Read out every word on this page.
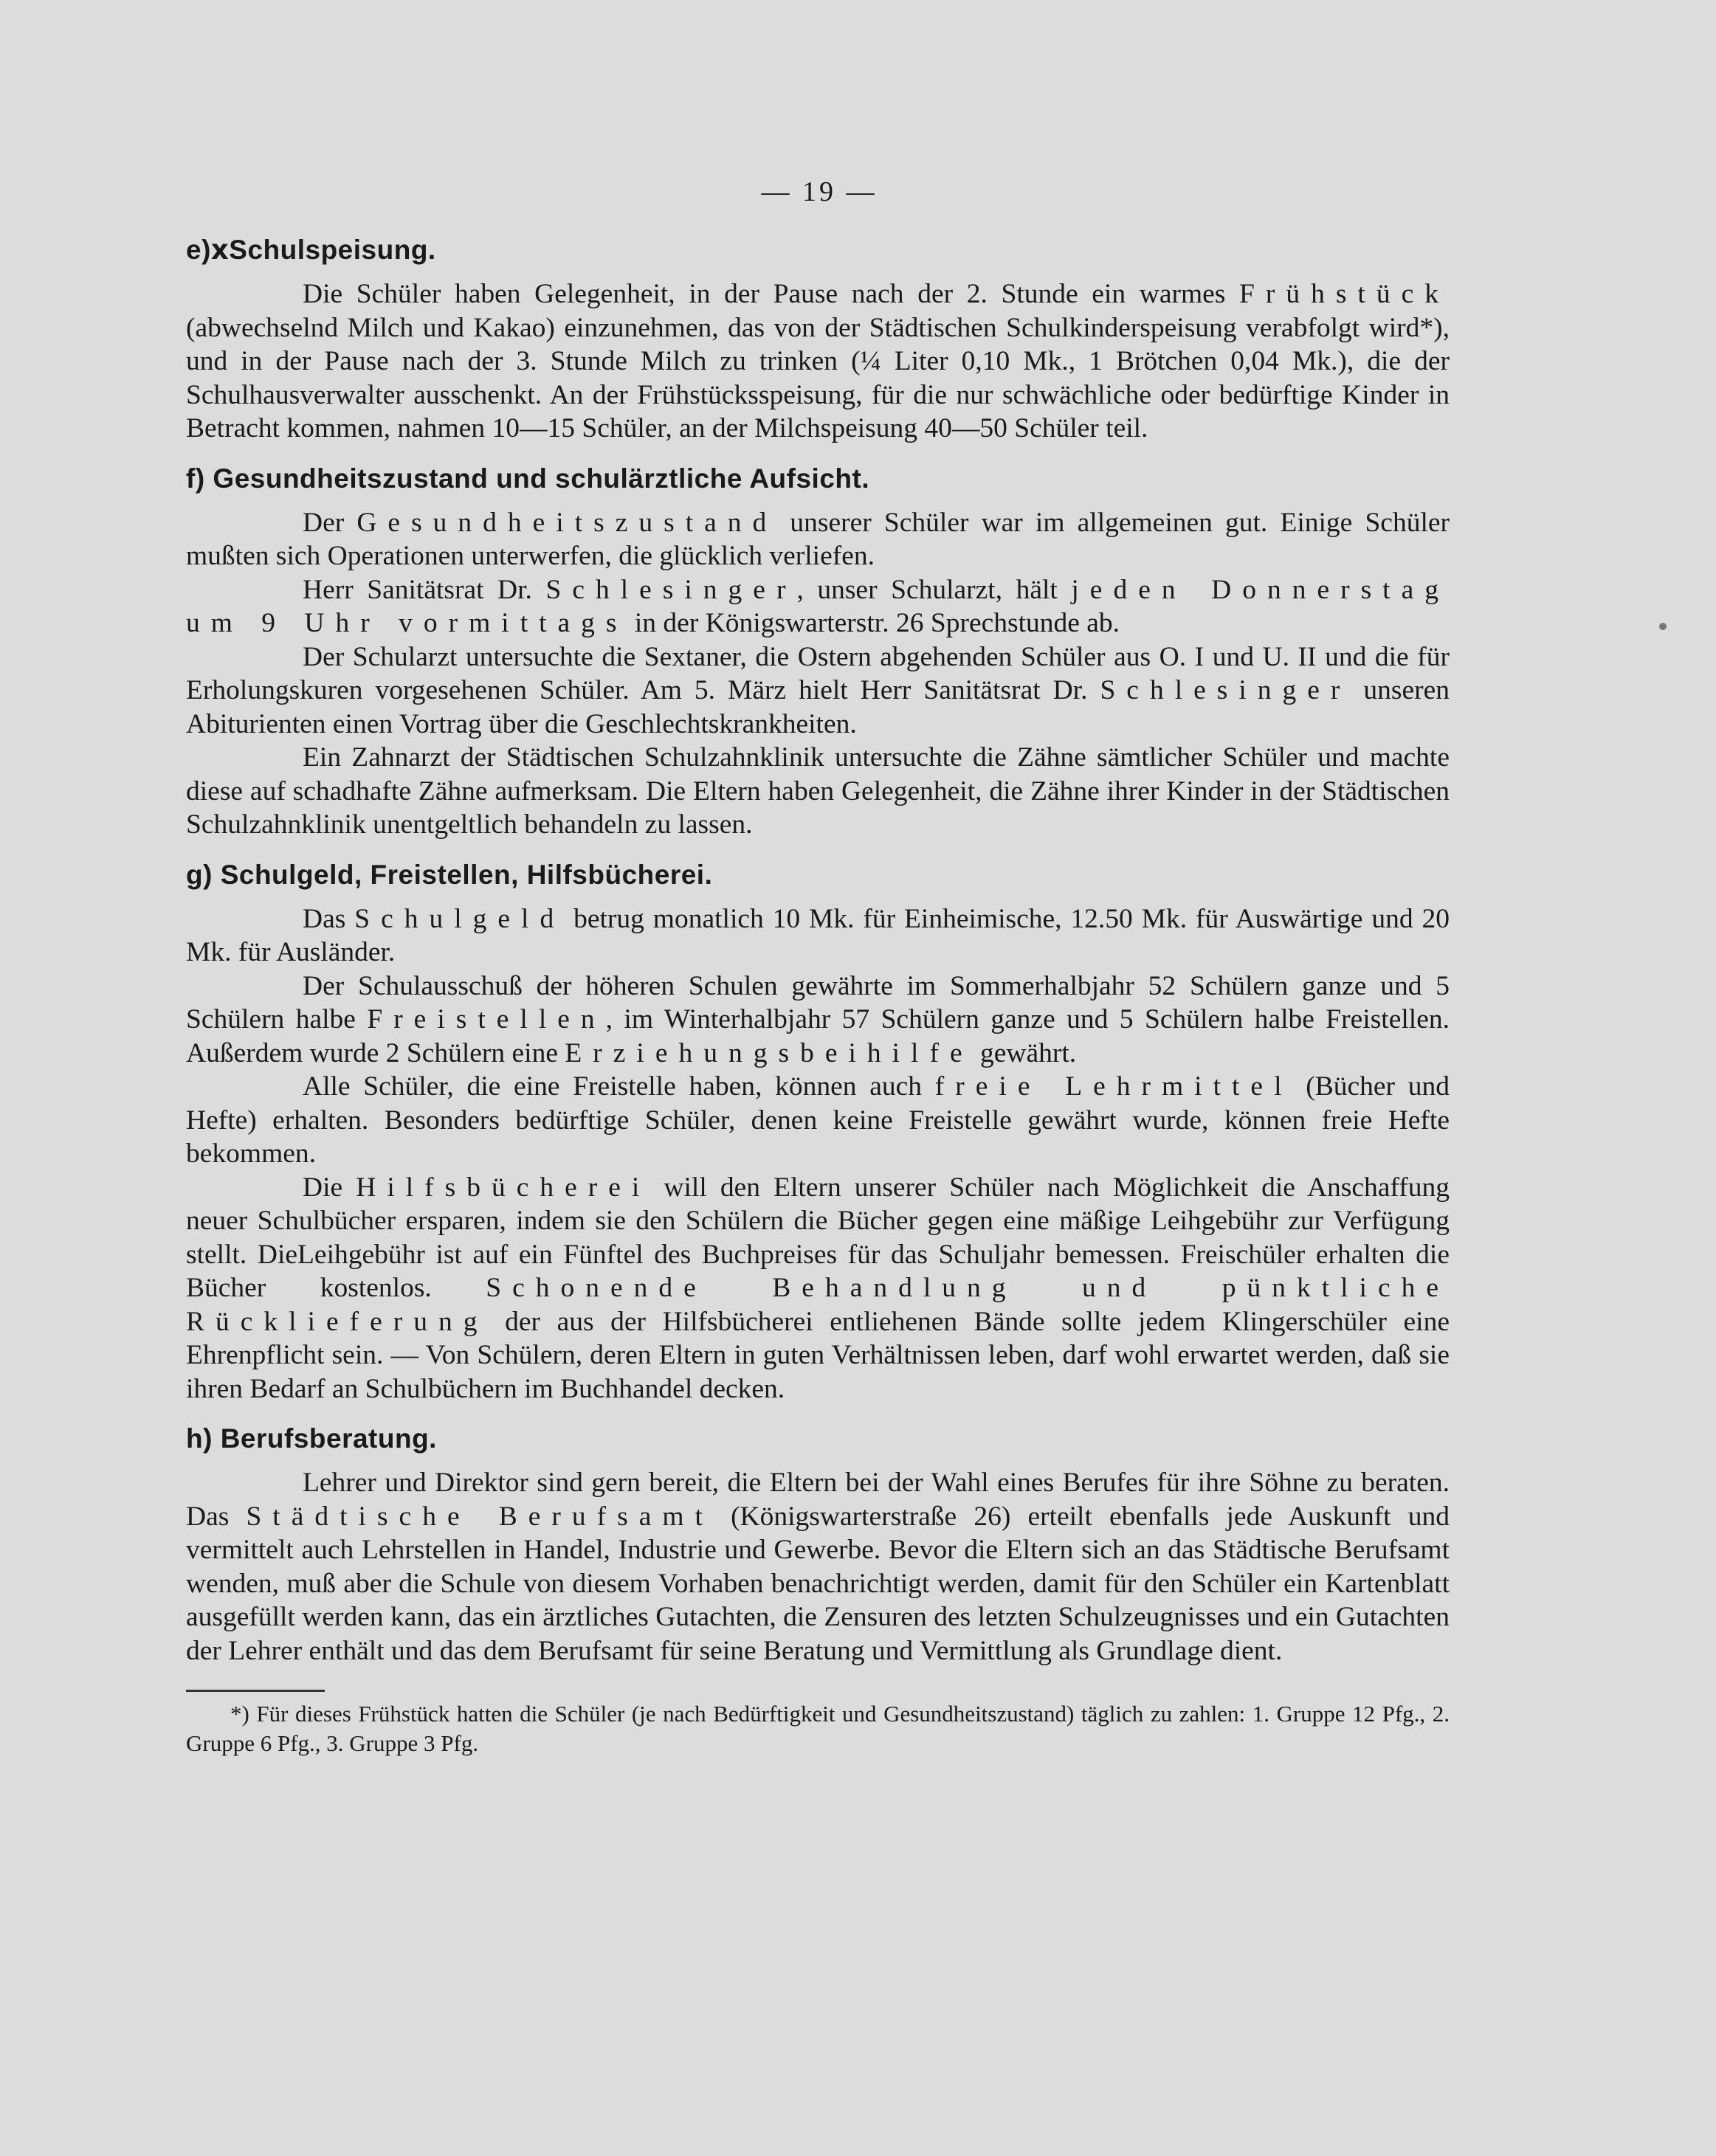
— 19 —
e)ⅹSchulspeisung.

Die Schüler haben Gelegenheit, in der Pause nach der 2. Stunde ein warmes Frühstück (abwechselnd Milch und Kakao) einzunehmen, das von der Städtischen Schulkinderspeisung verabfolgt wird*), und in der Pause nach der 3. Stunde Milch zu trinken (¼ Liter 0,10 Mk., 1 Brötchen 0,04 Mk.), die der Schulhausverwalter ausschenkt. An der Frühstücksspeisung, für die nur schwächliche oder bedürftige Kinder in Betracht kommen, nahmen 10—15 Schüler, an der Milchspeisung 40—50 Schüler teil.

f) Gesundheitszustand und schulärztliche Aufsicht.

Der Gesundheitszustand unserer Schüler war im allgemeinen gut. Einige Schüler mußten sich Operationen unterwerfen, die glücklich verliefen.

Herr Sanitätsrat Dr. Schlesinger, unser Schularzt, hält jeden Donnerstag um 9 Uhr vormittags in der Königswarterstr. 26 Sprechstunde ab.

Der Schularzt untersuchte die Sextaner, die Ostern abgehenden Schüler aus O. I und U. II und die für Erholungskuren vorgesehenen Schüler. Am 5. März hielt Herr Sanitätsrat Dr. Schlesinger unseren Abiturienten einen Vortrag über die Geschlechtskrankheiten.

Ein Zahnarzt der Städtischen Schulzahnklinik untersuchte die Zähne sämtlicher Schüler und machte diese auf schadhafte Zähne aufmerksam. Die Eltern haben Gelegenheit, die Zähne ihrer Kinder in der Städtischen Schulzahnklinik unentgeltlich behandeln zu lassen.

g) Schulgeld, Freistellen, Hilfsbücherei.

Das Schulgeld betrug monatlich 10 Mk. für Einheimische, 12.50 Mk. für Auswärtige und 20 Mk. für Ausländer.

Der Schulausschuß der höheren Schulen gewährte im Sommerhalbjahr 52 Schülern ganze und 5 Schülern halbe Freistellen, im Winterhalbjahr 57 Schülern ganze und 5 Schülern halbe Freistellen. Außerdem wurde 2 Schülern eine Erziehungsbeihilfe gewährt.

Alle Schüler, die eine Freistelle haben, können auch freie Lehrmittel (Bücher und Hefte) erhalten. Besonders bedürftige Schüler, denen keine Freistelle gewährt wurde, können freie Hefte bekommen.

Die Hilfsbücherei will den Eltern unserer Schüler nach Möglichkeit die Anschaffung neuer Schulbücher ersparen, indem sie den Schülern die Bücher gegen eine mäßige Leihgebühr zur Verfügung stellt. DieLeihgebühr ist auf ein Fünftel des Buchpreises für das Schuljahr bemessen. Freischüler erhalten die Bücher kostenlos. Schonende Behandlung und pünktliche Rücklieferung der aus der Hilfsbücherei entliehenen Bände sollte jedem Klingerschüler eine Ehrenpflicht sein. — Von Schülern, deren Eltern in guten Verhältnissen leben, darf wohl erwartet werden, daß sie ihren Bedarf an Schulbüchern im Buchhandel decken.

h) Berufsberatung.

Lehrer und Direktor sind gern bereit, die Eltern bei der Wahl eines Berufes für ihre Söhne zu beraten. Das Städtische Berufsamt (Königswarterstraße 26) erteilt ebenfalls jede Auskunft und vermittelt auch Lehrstellen in Handel, Industrie und Gewerbe. Bevor die Eltern sich an das Städtische Berufsamt wenden, muß aber die Schule von diesem Vorhaben benachrichtigt werden, damit für den Schüler ein Kartenblatt ausgefüllt werden kann, das ein ärztliches Gutachten, die Zensuren des letzten Schulzeugnisses und ein Gutachten der Lehrer enthält und das dem Berufsamt für seine Beratung und Vermittlung als Grundlage dient.

*) Für dieses Frühstück hatten die Schüler (je nach Bedürftigkeit und Gesundheitszustand) täglich zu zahlen: 1. Gruppe 12 Pfg., 2. Gruppe 6 Pfg., 3. Gruppe 3 Pfg.
